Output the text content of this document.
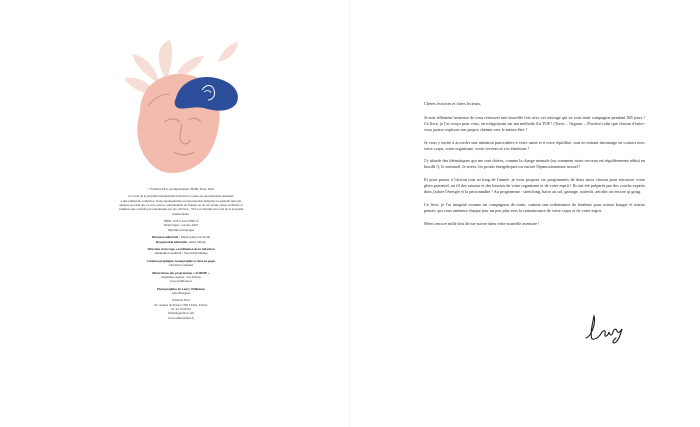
© Éditions First, un département d'Édi8, Paris, 2022.
Le Code de la propriété intellectuelle interdit les copies ou reproductions destinées
à une utilisation collective. Toute représentation ou reproduction intégrale ou partielle faite par
quelque procédé que ce soit, sans le consentement de l'auteur ou de ses ayants cause est illicite et
constitue une contrefaçon sanctionnée par les articles L. 335-2 et suivants du Code de la propriété
intellectuelle.
ISBN : 978-2-412-07697-0
Dépôt légal : octobre 2022
Imprimé en Espagne
Direction éditoriale : Marie-Anne Jost Kotik
Responsable éditoriale : Aline Sibony
Direction d'ouvrage, coordination de la rédaction
Amandine Goudmidi / Storytellin Mediae
Création graphique, iconographie et mise en pages
Charlotte Cabanuet
Illustrations des programmes « FORME »
Angélique Agasse / Les Infoets
www.lesinfoets.fr
Photographies de Laury Thilleman
Line Bourgeas
Éditions First
92, avenue de France 75013 Paris, France
01 44 16 09 00
firstinfo@efirst.com
www.editionsfirst.fr

Chères lectrices et chers lecteurs,

Je suis tellement heureuse de vous retrouver une nouvelle fois avec cet ouvrage qui va vous tenir compagnie pendant 365 jours ! Ce livre, je l'ai conçu pour vous, en m'appuyant sur ma méthode Au TOP ! (Tonic – Organic – Positive) afin que chacun d'entre-vous puisse explorer son propre chemin vers le mieux-être !

Je vous y invite à accorder une attention particulière à votre santé et à votre équilibre, tout en entrant davantage en contact avec votre corps, votre organisme, votre cerveau et vos émotions !

J'y aborde des thématiques qui me sont chères, comme la charge mentale (ou comment notre cerveau est régulièrement réduit en bouilli !), le sommeil, le stress, les points énergétiques ou encore l'épanouissement sexuel !

Et pour passer à l'action tout au long de l'année, je vous propose six programmes de deux mois chacun pour retrouver votre plein potentiel, au fil des saisons et des besoins de votre organisme et de votre esprit ! Ils ont été préparés par des coachs experts dont j'adore l'énergie et la personnalité ! Au programme : stretching, barre au sol, gainage, waterfit, aérobic ou encore qi gong.

Ce livre, je l'ai imaginé comme un compagnon de route, comme une ordonnance de bonheur pour mieux bouger et mieux penser, qui vous amènera chaque jour un peu plus vers la connaissance de votre corps et de votre esprit.

Merci encore mille fois de me suivre dans cette nouvelle aventure !
